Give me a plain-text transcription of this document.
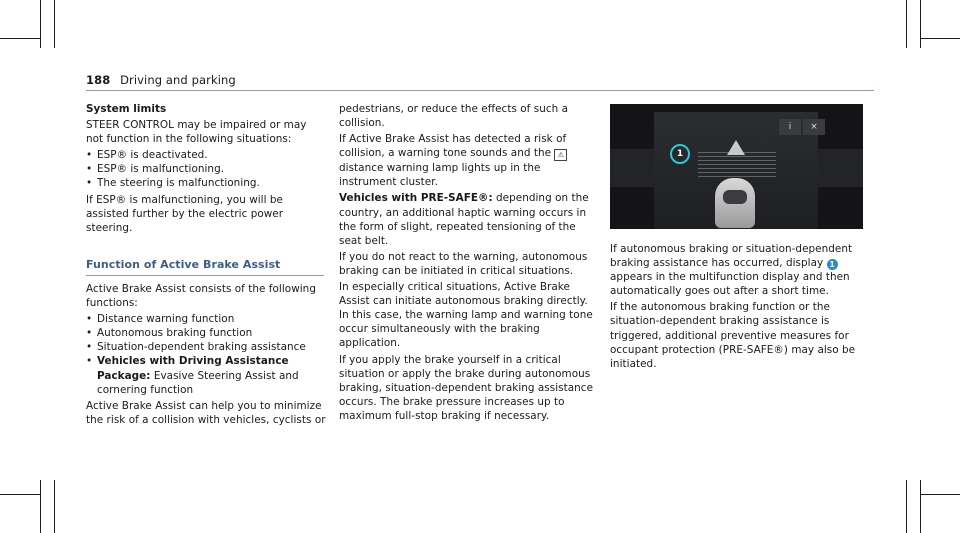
188 Driving and parking

System limits

STEER CONTROL may be impaired or may not function in the following situations:

• ESP® is deactivated.
• ESP® is malfunctioning.
• The steering is malfunctioning.

If ESP® is malfunctioning, you will be assisted further by the electric power steering.

Function of Active Brake Assist

Active Brake Assist consists of the following functions:

• Distance warning function
• Autonomous braking function
• Situation-dependent braking assistance
• Vehicles with Driving Assistance Package: Evasive Steering Assist and cornering function

Active Brake Assist can help you to minimize the risk of a collision with vehicles, cyclists or

pedestrians, or reduce the effects of such a collision.

If Active Brake Assist has detected a risk of collision, a warning tone sounds and the ⚠ distance warning lamp lights up in the instrument cluster.

Vehicles with PRE-SAFE®: depending on the country, an additional haptic warning occurs in the form of slight, repeated tensioning of the seat belt.

If you do not react to the warning, autonomous braking can be initiated in critical situations.

In especially critical situations, Active Brake Assist can initiate autonomous braking directly. In this case, the warning lamp and warning tone occur simultaneously with the braking application.

If you apply the brake yourself in a critical situation or apply the brake during autonomous braking, situation-dependent braking assistance occurs. The brake pressure increases up to maximum full-stop braking if necessary.

i ×
1

If autonomous braking or situation-dependent braking assistance has occurred, display 1 appears in the multifunction display and then automatically goes out after a short time.

If the autonomous braking function or the situation-dependent braking assistance is triggered, additional preventive measures for occupant protection (PRE-SAFE®) may also be initiated.
